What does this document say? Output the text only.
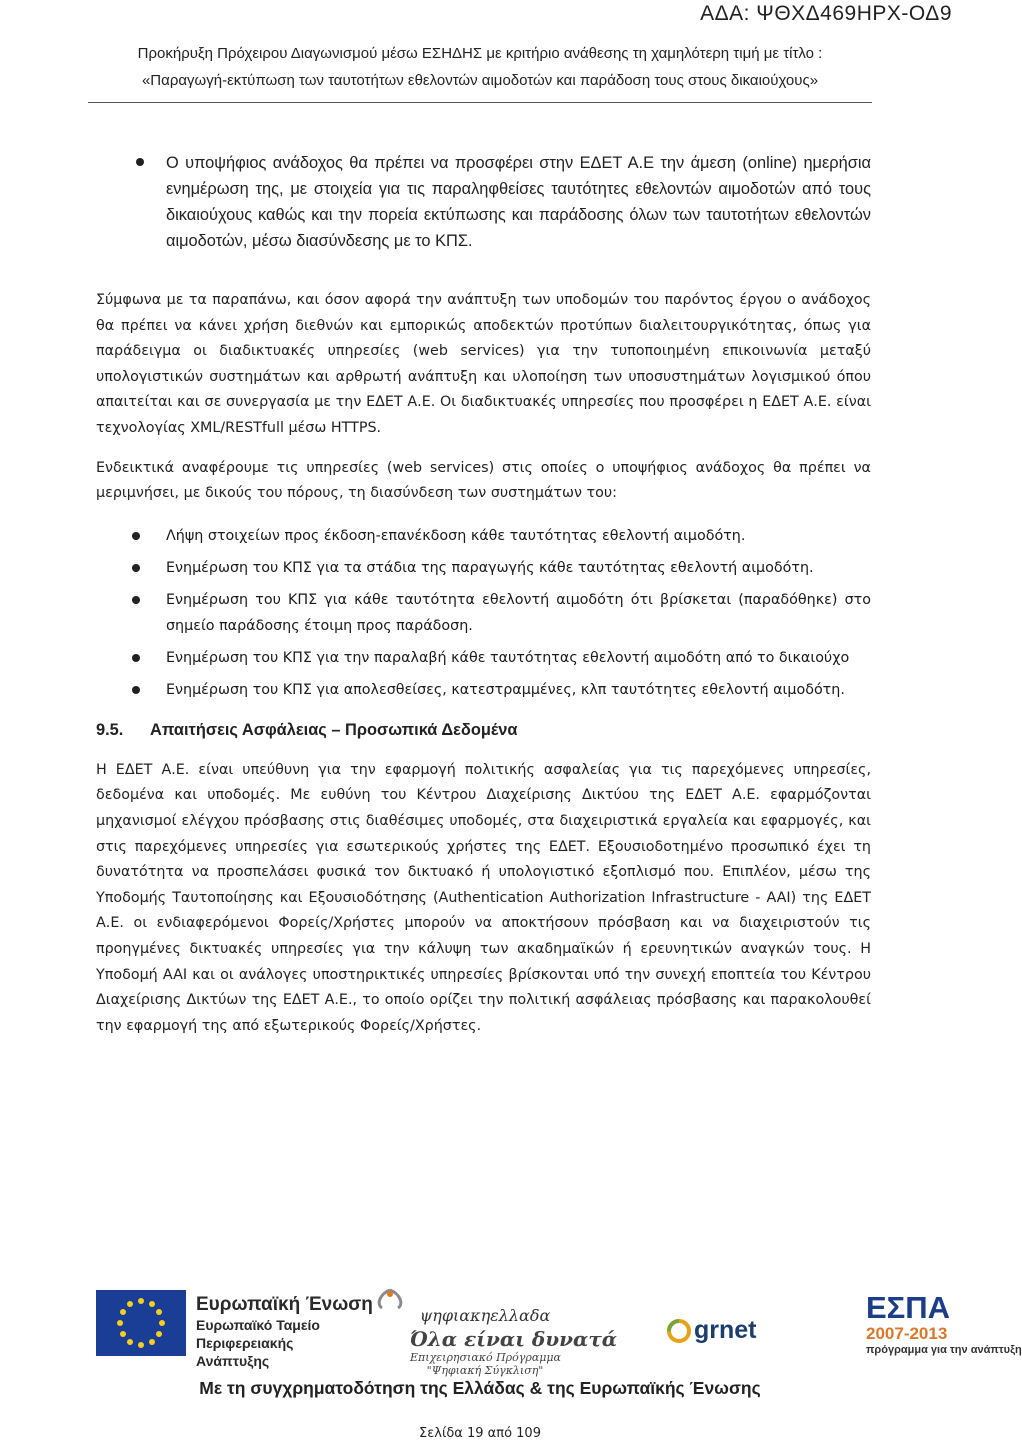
ΑΔΑ: ΨΘΧΔ469ΗΡΧ-ΟΔ9
Προκήρυξη Πρόχειρου Διαγωνισμού μέσω ΕΣΗΔΗΣ με κριτήριο ανάθεσης τη χαμηλότερη τιμή με τίτλο :
«Παραγωγή-εκτύπωση των ταυτοτήτων εθελοντών αιμοδοτών και παράδοση τους στους δικαιούχους»
Ο υποψήφιος ανάδοχος θα πρέπει να προσφέρει στην ΕΔΕΤ Α.Ε την άμεση (online) ημερήσια ενημέρωση της, με στοιχεία για τις παραληφθείσες ταυτότητες εθελοντών αιμοδοτών από τους δικαιούχους καθώς και την πορεία εκτύπωσης και παράδοσης όλων των ταυτοτήτων εθελοντών αιμοδοτών, μέσω διασύνδεσης με το ΚΠΣ.

Σύμφωνα με τα παραπάνω, και όσον αφορά την ανάπτυξη των υποδομών του παρόντος έργου ο ανάδοχος θα πρέπει να κάνει χρήση διεθνών και εμπορικώς αποδεκτών προτύπων διαλειτουργικότητας, όπως για παράδειγμα οι διαδικτυακές υπηρεσίες (web services) για την τυποποιημένη επικοινωνία μεταξύ υπολογιστικών συστημάτων και αρθρωτή ανάπτυξη και υλοποίηση των υποσυστημάτων λογισμικού όπου απαιτείται και σε συνεργασία με την ΕΔΕΤ Α.Ε. Οι διαδικτυακές υπηρεσίες που προσφέρει η ΕΔΕΤ Α.Ε. είναι τεχνολογίας XML/RESTfull μέσω HTTPS.

Ενδεικτικά αναφέρουμε τις υπηρεσίες (web services) στις οποίες ο υποψήφιος ανάδοχος θα πρέπει να μεριμνήσει, με δικούς του πόρους, τη διασύνδεση των συστημάτων του:

Λήψη στοιχείων προς έκδοση-επανέκδοση κάθε ταυτότητας εθελοντή αιμοδότη.
Ενημέρωση του ΚΠΣ για τα στάδια της παραγωγής κάθε ταυτότητας εθελοντή αιμοδότη.
Ενημέρωση του ΚΠΣ για κάθε ταυτότητα εθελοντή αιμοδότη ότι βρίσκεται (παραδόθηκε) στο σημείο παράδοσης έτοιμη προς παράδοση.
Ενημέρωση του ΚΠΣ για την παραλαβή κάθε ταυτότητας εθελοντή αιμοδότη από το δικαιούχο
Ενημέρωση του ΚΠΣ για απολεσθείσες, κατεστραμμένες, κλπ ταυτότητες εθελοντή αιμοδότη.
9.5. Απαιτήσεις Ασφάλειας – Προσωπικά Δεδομένα

Η ΕΔΕΤ Α.Ε. είναι υπεύθυνη για την εφαρμογή πολιτικής ασφαλείας για τις παρεχόμενες υπηρεσίες, δεδομένα και υποδομές. Με ευθύνη του Κέντρου Διαχείρισης Δικτύου της ΕΔΕΤ Α.Ε. εφαρμόζονται μηχανισμοί ελέγχου πρόσβασης στις διαθέσιμες υποδομές, στα διαχειριστικά εργαλεία και εφαρμογές, και στις παρεχόμενες υπηρεσίες για εσωτερικούς χρήστες της ΕΔΕΤ. Εξουσιοδοτημένο προσωπικό έχει τη δυνατότητα να προσπελάσει φυσικά τον δικτυακό ή υπολογιστικό εξοπλισμό που. Επιπλέον, μέσω της Υποδομής Ταυτοποίησης και Εξουσιοδότησης (Authentication Authorization Infrastructure - AAI) της ΕΔΕΤ Α.Ε. οι ενδιαφερόμενοι Φορείς/Χρήστες μπορούν να αποκτήσουν πρόσβαση και να διαχειριστούν τις προηγμένες δικτυακές υπηρεσίες για την κάλυψη των ακαδημαϊκών ή ερευνητικών αναγκών τους. Η Υποδομή AAI και οι ανάλογες υποστηρικτικές υπηρεσίες βρίσκονται υπό την συνεχή εποπτεία του Κέντρου Διαχείρισης Δικτύων της ΕΔΕΤ Α.Ε., το οποίο ορίζει την πολιτική ασφάλειας πρόσβασης και παρακολουθεί την εφαρμογή της από εξωτερικούς Φορείς/Χρήστες.

Ευρωπαϊκή Ένωση
Ευρωπαϊκό Ταμείο
Περιφερειακής
Ανάπτυξης
ψηφιακηελλαδα
Όλα είναι δυνατά
Επιχειρησιακό Πρόγραμμα
"Ψηφιακή Σύγκλιση"
grnet
ΕΣΠΑ
2007-2013
πρόγραμμα για την ανάπτυξη
Με τη συγχρηματοδότηση της Ελλάδας & της Ευρωπαϊκής Ένωσης
Σελίδα 19 από 109
